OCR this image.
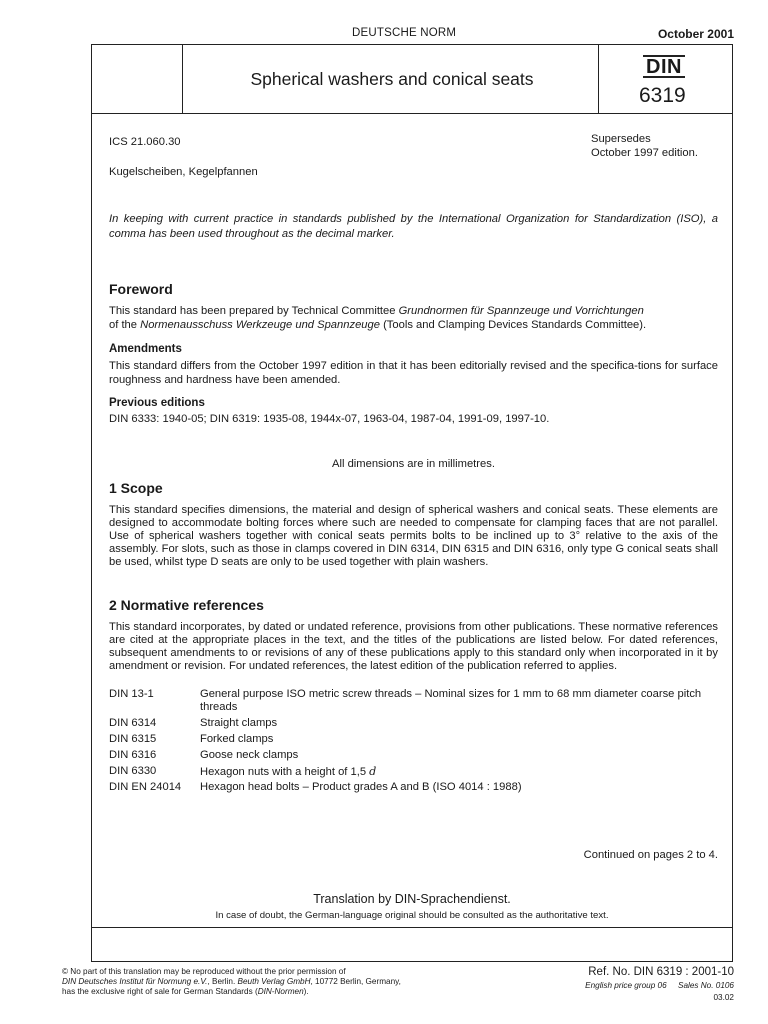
DEUTSCHE NORM	October 2001
Spherical washers and conical seats
DIN
6319
ICS 21.060.30	Supersedes
October 1997 edition.
Kugelscheiben, Kegelpfannen
In keeping with current practice in standards published by the International Organization for Standardization (ISO), a comma has been used throughout as the decimal marker.
Foreword
This standard has been prepared by Technical Committee Grundnormen für Spannzeuge und Vorrichtungen
of the Normenausschuss Werkzeuge und Spannzeuge (Tools and Clamping Devices Standards Committee).
Amendments
This standard differs from the October 1997 edition in that it has been editorially revised and the specifica-tions for surface roughness and hardness have been amended.
Previous editions
DIN 6333: 1940-05; DIN 6319: 1935-08, 1944x-07, 1963-04, 1987-04, 1991-09, 1997-10.
All dimensions are in millimetres.
1 Scope
This standard specifies dimensions, the material and design of spherical washers and conical seats. These elements are designed to accommodate bolting forces where such are needed to compensate for clamping faces that are not parallel. Use of spherical washers together with conical seats permits bolts to be inclined up to 3° relative to the axis of the assembly. For slots, such as those in clamps covered in DIN 6314, DIN 6315 and DIN 6316, only type G conical seats shall be used, whilst type D seats are only to be used together with plain washers.
2 Normative references
This standard incorporates, by dated or undated reference, provisions from other publications. These normative references are cited at the appropriate places in the text, and the titles of the publications are listed below. For dated references, subsequent amendments to or revisions of any of these publications apply to this standard only when incorporated in it by amendment or revision. For undated references, the latest edition of the publication referred to applies.
DIN 13-1	General purpose ISO metric screw threads – Nominal sizes for 1 mm to 68 mm diameter coarse pitch threads
DIN 6314	Straight clamps
DIN 6315	Forked clamps
DIN 6316	Goose neck clamps
DIN 6330	Hexagon nuts with a height of 1,5 d
DIN EN 24014	Hexagon head bolts – Product grades A and B (ISO 4014 : 1988)
Continued on pages 2 to 4.
Translation by DIN-Sprachendienst.
In case of doubt, the German-language original should be consulted as the authoritative text.
© No part of this translation may be reproduced without the prior permission of
DIN Deutsches Institut für Normung e.V., Berlin. Beuth Verlag GmbH, 10772 Berlin, Germany,
has the exclusive right of sale for German Standards (DIN-Normen).
Ref. No. DIN 6319 : 2001-10
English price group 06     Sales No. 0106
03.02
